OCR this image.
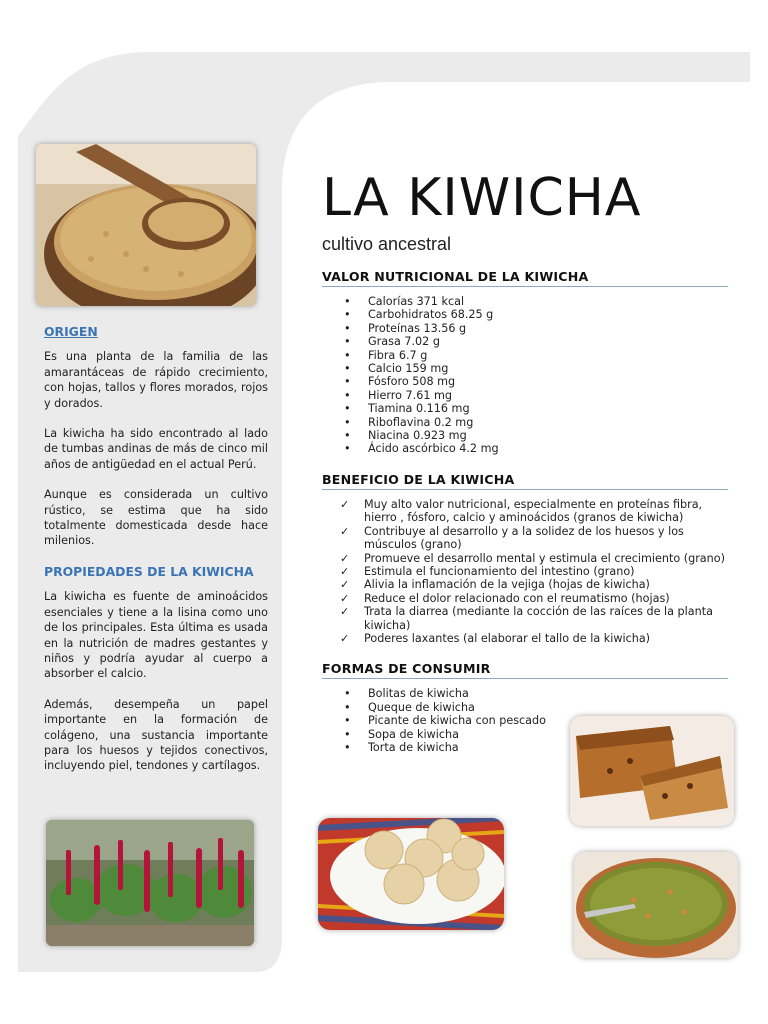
ORIGEN

Es una planta de la familia de las amarantáceas de rápido crecimiento, con hojas, tallos y flores morados, rojos y dorados.

La kiwicha ha sido encontrado al lado de tumbas andinas de más de cinco mil años de antigüedad en el actual Perú.

Aunque es considerada un cultivo rústico, se estima que ha sido totalmente domesticada desde hace milenios.

PROPIEDADES DE LA KIWICHA

La kiwicha es fuente de aminoácidos esenciales y tiene a la lisina como uno de los principales. Esta última es usada en la nutrición de madres gestantes y niños y podría ayudar al cuerpo a absorber el calcio.

Además, desempeña un papel importante en la formación de colágeno, una sustancia importante para los huesos y tejidos conectivos, incluyendo piel, tendones y cartílagos.

LA KIWICHA
cultivo ancestral
VALOR NUTRICIONAL DE LA KIWICHA
• Calorías 371 kcal
• Carbohidratos 68.25 g
• Proteínas 13.56 g
• Grasa 7.02 g
• Fibra 6.7 g
• Calcio 159 mg
• Fósforo 508 mg
• Hierro 7.61 mg
• Tiamina 0.116 mg
• Riboflavina 0.2 mg
• Niacina 0.923 mg
• Ácido ascórbico 4.2 mg
BENEFICIO DE LA KIWICHA
✓ Muy alto valor nutricional, especialmente en proteínas fibra, hierro , fósforo, calcio y aminoácidos (granos de kiwicha)
✓ Contribuye al desarrollo y a la solidez de los huesos y los músculos (grano)
✓ Promueve el desarrollo mental y estimula el crecimiento (grano)
✓ Estimula el funcionamiento del intestino (grano)
✓ Alivia la inflamación de la vejiga (hojas de kiwicha)
✓ Reduce el dolor relacionado con el reumatismo (hojas)
✓ Trata la diarrea (mediante la cocción de las raíces de la planta kiwicha)
✓ Poderes laxantes (al elaborar el tallo de la kiwicha)
FORMAS DE CONSUMIR
• Bolitas de kiwicha
• Queque de kiwicha
• Picante de kiwicha con pescado
• Sopa de kiwicha
• Torta de kiwicha
